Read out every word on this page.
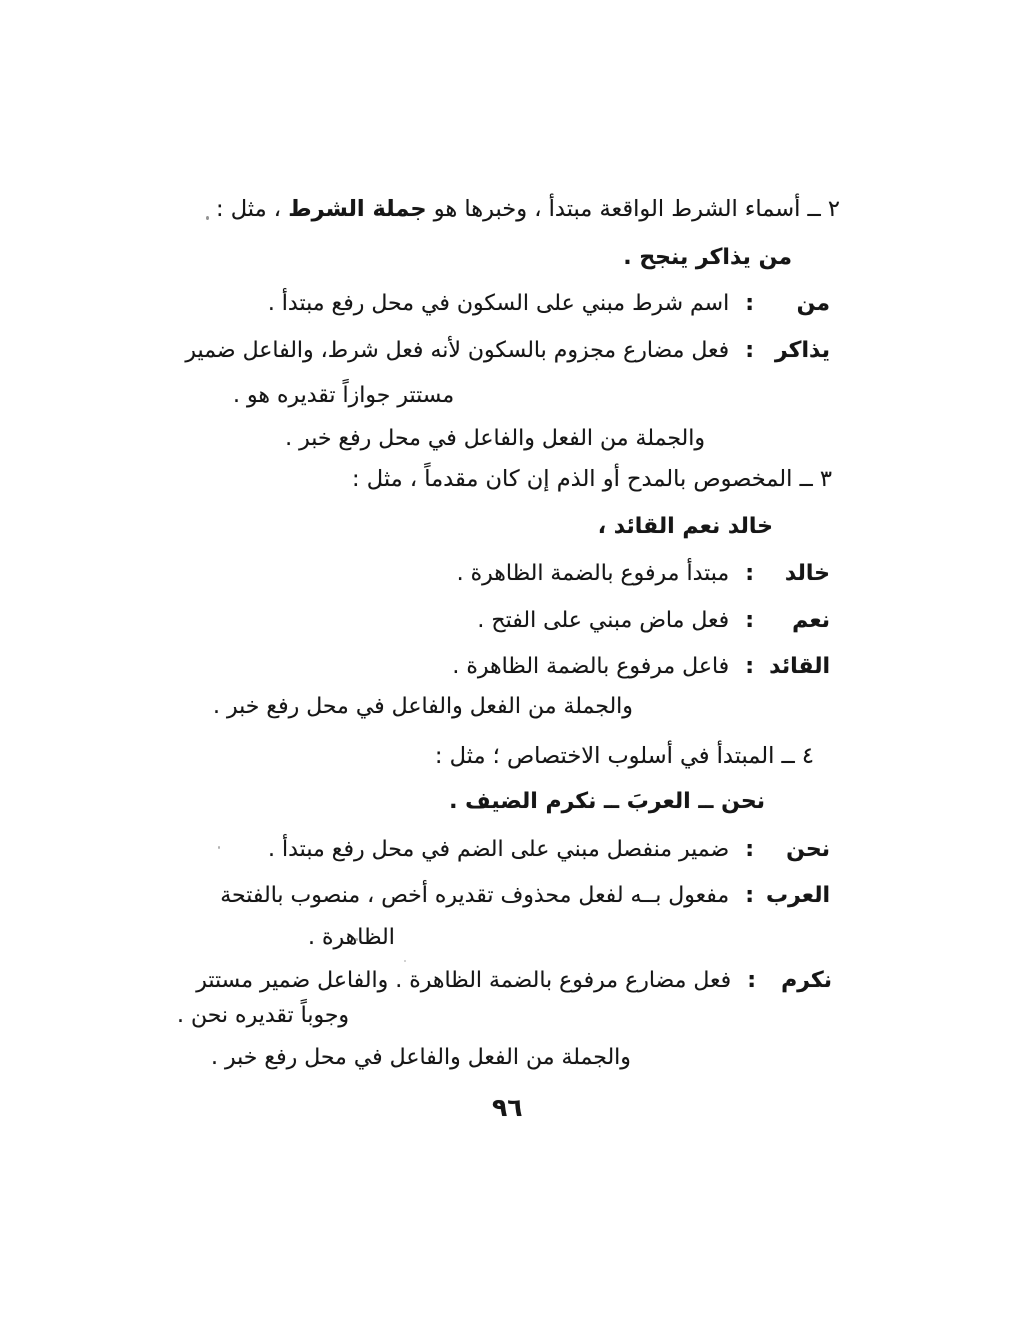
٢ ــ أسماء الشرط الواقعة مبتدأ ، وخبرها هو جملة الشرط ، مثل :
من يذاكر ينجح .
من:اسم شرط مبني على السكون في محل رفع مبتدأ .
يذاكر:فعل مضارع مجزوم بالسكون لأنه فعل شرط، والفاعل ضمير
مستتر جوازاً تقديره هو .
والجملة من الفعل والفاعل في محل رفع خبر .
٣ ــ المخصوص بالمدح أو الذم إن كان مقدماً ، مثل :
خالد نعم القائد ،
خالد:مبتدأ مرفوع بالضمة الظاهرة .
نعم:فعل ماض مبني على الفتح .
القائد:فاعل مرفوع بالضمة الظاهرة .
والجملة من الفعل والفاعل في محل رفع خبر .
٤ ــ المبتدأ في أسلوب الاختصاص ؛ مثل :
نحن ــ العربَ ــ نكرم الضيف .
نحن:ضمير منفصل مبني على الضم في محل رفع مبتدأ .
العرب:مفعول بــه لفعل محذوف تقديره أخص ، منصوب بالفتحة
الظاهرة .
نكرم:فعل مضارع مرفوع بالضمة الظاهرة . والفاعل ضمير مستتر
وجوباً تقديره نحن .
والجملة من الفعل والفاعل في محل رفع خبر .
٩٦
